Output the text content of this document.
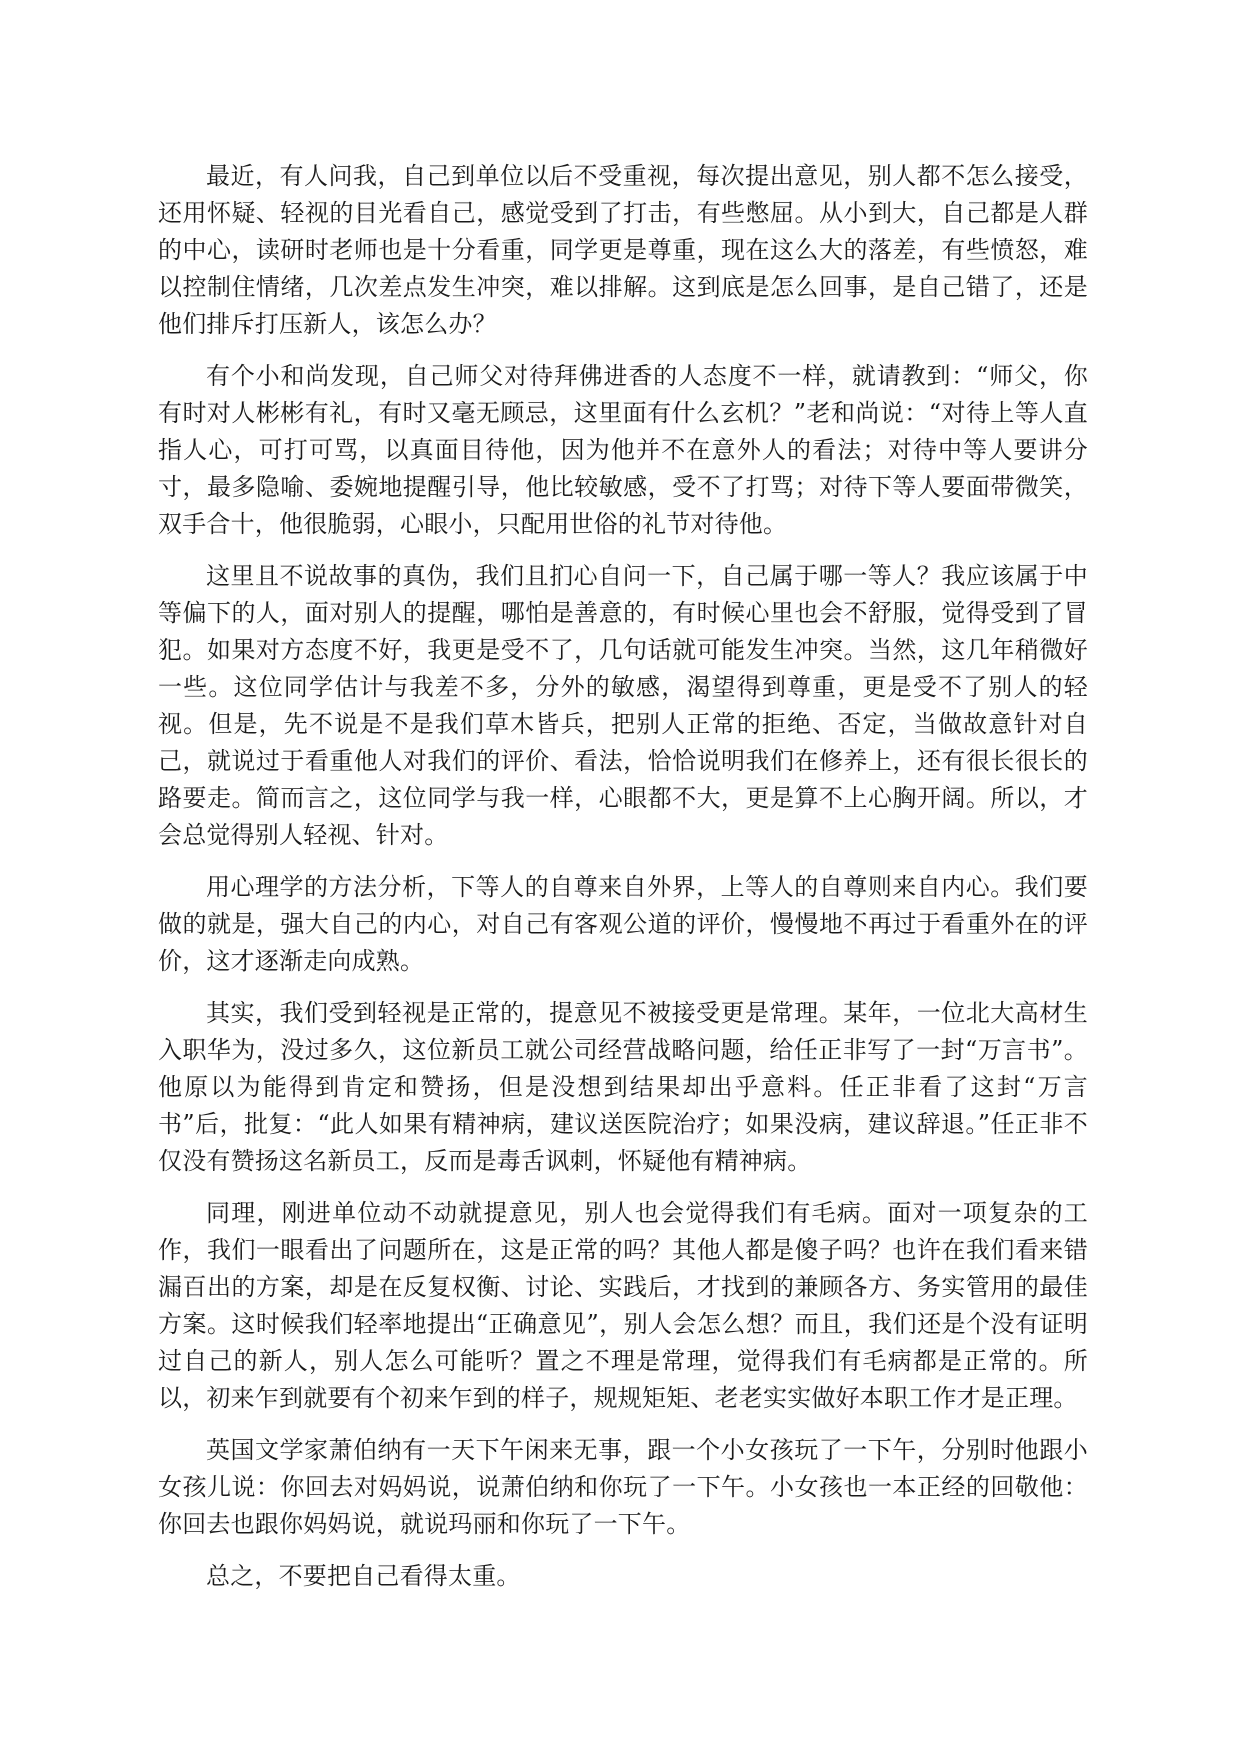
最近，有人问我，自己到单位以后不受重视，每次提出意见，别人都不怎么接受，还用怀疑、轻视的目光看自己，感觉受到了打击，有些憋屈。从小到大，自己都是人群的中心，读研时老师也是十分看重，同学更是尊重，现在这么大的落差，有些愤怒，难以控制住情绪，几次差点发生冲突，难以排解。这到底是怎么回事，是自己错了，还是他们排斥打压新人，该怎么办？

有个小和尚发现，自己师父对待拜佛进香的人态度不一样，就请教到：“师父，你有时对人彬彬有礼，有时又毫无顾忌，这里面有什么玄机？”老和尚说：“对待上等人直指人心，可打可骂，以真面目待他，因为他并不在意外人的看法；对待中等人要讲分寸，最多隐喻、委婉地提醒引导，他比较敏感，受不了打骂；对待下等人要面带微笑，双手合十，他很脆弱，心眼小，只配用世俗的礼节对待他。

这里且不说故事的真伪，我们且扪心自问一下，自己属于哪一等人？我应该属于中等偏下的人，面对别人的提醒，哪怕是善意的，有时候心里也会不舒服，觉得受到了冒犯。如果对方态度不好，我更是受不了，几句话就可能发生冲突。当然，这几年稍微好一些。这位同学估计与我差不多，分外的敏感，渴望得到尊重，更是受不了别人的轻视。但是，先不说是不是我们草木皆兵，把别人正常的拒绝、否定，当做故意针对自己，就说过于看重他人对我们的评价、看法，恰恰说明我们在修养上，还有很长很长的路要走。简而言之，这位同学与我一样，心眼都不大，更是算不上心胸开阔。所以，才会总觉得别人轻视、针对。

用心理学的方法分析，下等人的自尊来自外界，上等人的自尊则来自内心。我们要做的就是，强大自己的内心，对自己有客观公道的评价，慢慢地不再过于看重外在的评价，这才逐渐走向成熟。

其实，我们受到轻视是正常的，提意见不被接受更是常理。某年，一位北大高材生入职华为，没过多久，这位新员工就公司经营战略问题，给任正非写了一封“万言书”。他原以为能得到肯定和赞扬，但是没想到结果却出乎意料。任正非看了这封“万言书”后，批复：“此人如果有精神病，建议送医院治疗；如果没病，建议辞退。”任正非不仅没有赞扬这名新员工，反而是毒舌讽刺，怀疑他有精神病。

同理，刚进单位动不动就提意见，别人也会觉得我们有毛病。面对一项复杂的工作，我们一眼看出了问题所在，这是正常的吗？其他人都是傻子吗？也许在我们看来错漏百出的方案，却是在反复权衡、讨论、实践后，才找到的兼顾各方、务实管用的最佳方案。这时候我们轻率地提出“正确意见”，别人会怎么想？而且，我们还是个没有证明过自己的新人，别人怎么可能听？置之不理是常理，觉得我们有毛病都是正常的。所以，初来乍到就要有个初来乍到的样子，规规矩矩、老老实实做好本职工作才是正理。

英国文学家萧伯纳有一天下午闲来无事，跟一个小女孩玩了一下午，分别时他跟小女孩儿说：你回去对妈妈说，说萧伯纳和你玩了一下午。小女孩也一本正经的回敬他：你回去也跟你妈妈说，就说玛丽和你玩了一下午。

总之，不要把自己看得太重。
